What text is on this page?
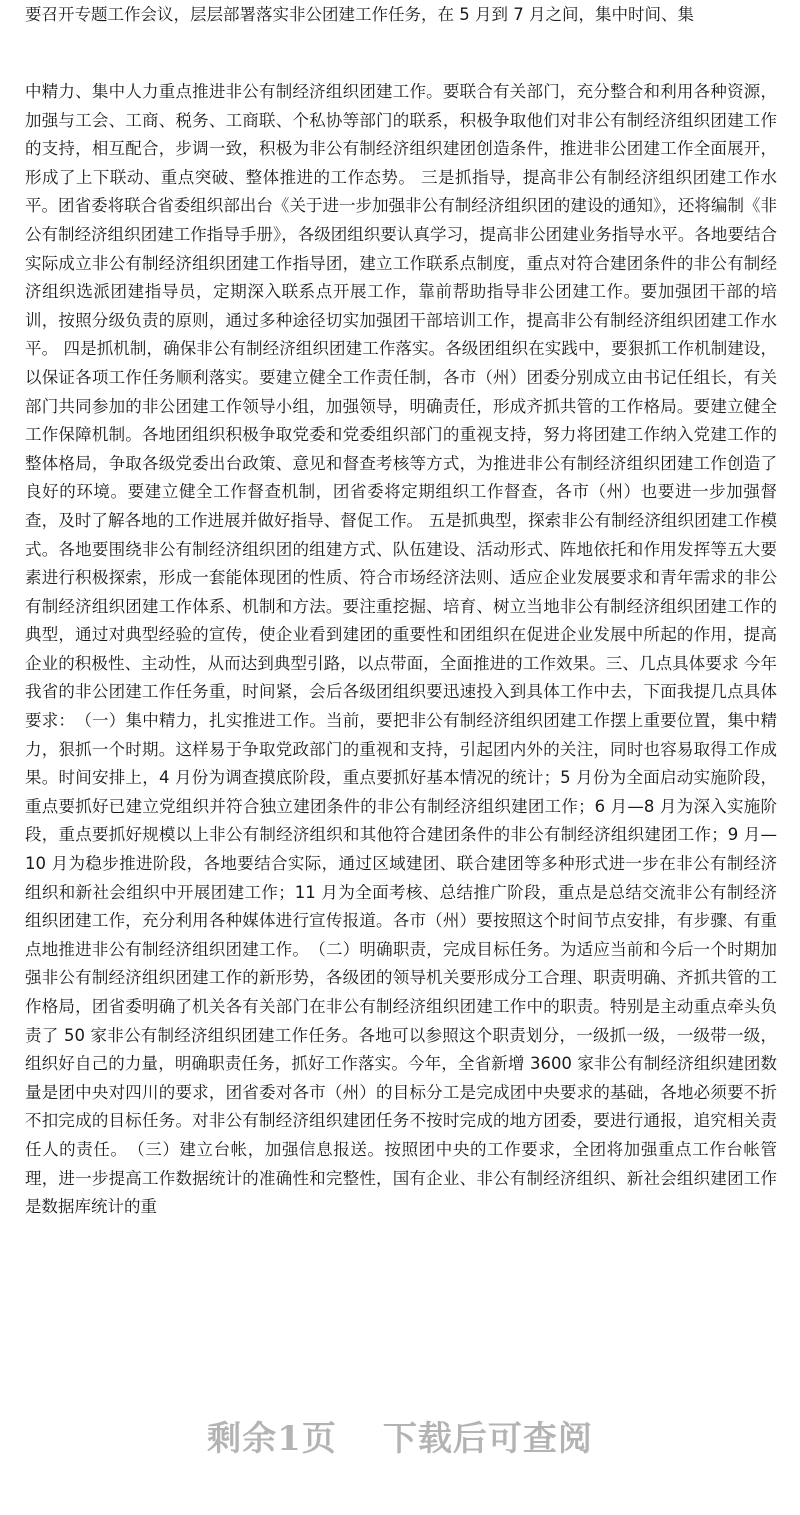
要召开专题工作会议，层层部署落实非公团建工作任务，在 5 月到 7 月之间，集中时间、集

中精力、集中人力重点推进非公有制经济组织团建工作。要联合有关部门，充分整合和利用各种资源，加强与工会、工商、税务、工商联、个私协等部门的联系，积极争取他们对非公有制经济组织团建工作的支持，相互配合，步调一致，积极为非公有制经济组织建团创造条件，推进非公团建工作全面展开，形成了上下联动、重点突破、整体推进的工作态势。 三是抓指导，提高非公有制经济组织团建工作水平。团省委将联合省委组织部出台《关于进一步加强非公有制经济组织团的建设的通知》，还将编制《非公有制经济组织团建工作指导手册》，各级团组织要认真学习，提高非公团建业务指导水平。各地要结合实际成立非公有制经济组织团建工作指导团，建立工作联系点制度，重点对符合建团条件的非公有制经济组织选派团建指导员，定期深入联系点开展工作，靠前帮助指导非公团建工作。要加强团干部的培训，按照分级负责的原则，通过多种途径切实加强团干部培训工作，提高非公有制经济组织团建工作水平。 四是抓机制，确保非公有制经济组织团建工作落实。各级团组织在实践中，要狠抓工作机制建设，以保证各项工作任务顺利落实。要建立健全工作责任制，各市（州）团委分别成立由书记任组长，有关部门共同参加的非公团建工作领导小组，加强领导，明确责任，形成齐抓共管的工作格局。要建立健全工作保障机制。各地团组织积极争取党委和党委组织部门的重视支持，努力将团建工作纳入党建工作的整体格局，争取各级党委出台政策、意见和督查考核等方式，为推进非公有制经济组织团建工作创造了良好的环境。要建立健全工作督查机制，团省委将定期组织工作督查，各市（州）也要进一步加强督查，及时了解各地的工作进展并做好指导、督促工作。 五是抓典型，探索非公有制经济组织团建工作模式。各地要围绕非公有制经济组织团的组建方式、队伍建设、活动形式、阵地依托和作用发挥等五大要素进行积极探索，形成一套能体现团的性质、符合市场经济法则、适应企业发展要求和青年需求的非公有制经济组织团建工作体系、机制和方法。要注重挖掘、培育、树立当地非公有制经济组织团建工作的典型，通过对典型经验的宣传，使企业看到建团的重要性和团组织在促进企业发展中所起的作用，提高企业的积极性、主动性，从而达到典型引路，以点带面，全面推进的工作效果。三、几点具体要求 今年我省的非公团建工作任务重，时间紧，会后各级团组织要迅速投入到具体工作中去，下面我提几点具体要求：　（一）集中精力，扎实推进工作。当前，要把非公有制经济组织团建工作摆上重要位置，集中精力，狠抓一个时期。这样易于争取党政部门的重视和支持，引起团内外的关注，同时也容易取得工作成果。时间安排上，4 月份为调查摸底阶段，重点要抓好基本情况的统计；5 月份为全面启动实施阶段，重点要抓好已建立党组织并符合独立建团条件的非公有制经济组织建团工作；6 月—8 月为深入实施阶段，重点要抓好规模以上非公有制经济组织和其他符合建团条件的非公有制经济组织建团工作；9 月—10 月为稳步推进阶段，各地要结合实际，通过区域建团、联合建团等多种形式进一步在非公有制经济组织和新社会组织中开展团建工作；11 月为全面考核、总结推广阶段，重点是总结交流非公有制经济组织团建工作，充分利用各种媒体进行宣传报道。各市（州）要按照这个时间节点安排，有步骤、有重点地推进非公有制经济组织团建工作。　（二）明确职责，完成目标任务。为适应当前和今后一个时期加强非公有制经济组织团建工作的新形势，各级团的领导机关要形成分工合理、职责明确、齐抓共管的工作格局，团省委明确了机关各有关部门在非公有制经济组织团建工作中的职责。特别是主动重点牵头负责了 50 家非公有制经济组织团建工作任务。各地可以参照这个职责划分，一级抓一级，一级带一级，组织好自己的力量，明确职责任务，抓好工作落实。今年，全省新增 3600 家非公有制经济组织建团数量是团中央对四川的要求，团省委对各市（州）的目标分工是完成团中央要求的基础，各地必须要不折不扣完成的目标任务。对非公有制经济组织建团任务不按时完成的地方团委，要进行通报，追究相关责任人的责任。　（三）建立台帐，加强信息报送。按照团中央的工作要求，全团将加强重点工作台帐管理，进一步提高工作数据统计的准确性和完整性，国有企业、非公有制经济组织、新社会组织建团工作是数据库统计的重

剩余1页 下载后可查阅
